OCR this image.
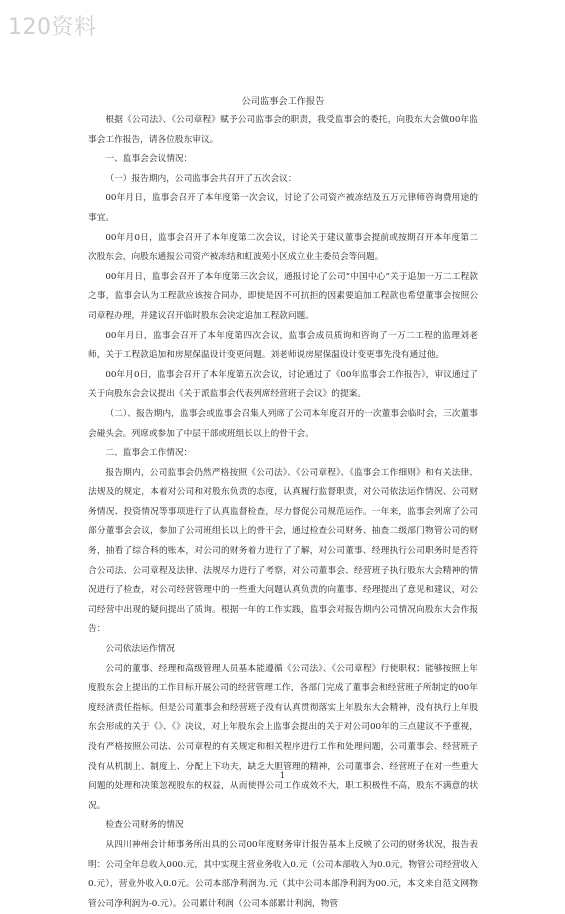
120资料
公司监事会工作报告

根据《公司法》、《公司章程》赋予公司监事会的职责，我受监事会的委托，向股东大会做00年监事会工作报告，请各位股东审议。

一、监事会会议情况：

（一）报告期内，公司监事会共召开了五次会议：

00年月日，监事会召开了本年度第一次会议，讨论了公司资产被冻结及五万元律师咨询费用途的事宜。

00年月0日，监事会召开了本年度第二次会议，讨论关于建议董事会提前或按期召开本年度第二次股东会，向股东通报公司资产被冻结和虹波苑小区成立业主委员会等问题。

00年月日，监事会召开了本年度第三次会议，通报讨论了公司“中国中心”关于追加一万二工程款之事，监事会认为工程款应该按合同办，即使是因不可抗拒的因素要追加工程款也希望董事会按照公司章程办理，并建议召开临时股东会决定追加工程款问题。

00年月日，监事会召开了本年度第四次会议，监事会成员质询和咨询了一万二工程的监理刘老师，关于工程款追加和房屋保温设计变更问题。刘老师说房屋保温设计变更事先没有通过他。

00年月0日，监事会召开了本年度第五次会议，讨论通过了《00年监事会工作报告》，审议通过了关于向股东会会议提出《关于派监事会代表列席经营班子会议》的提案。

（二）、报告期内，监事会或监事会召集人列席了公司本年度召开的一次董事会临时会，三次董事会碰头会。列席或参加了中层干部或班组长以上的骨干会。

二、监事会工作情况：

报告期内，公司监事会仍然严格按照《公司法》、《公司章程》、《监事会工作细则》和有关法律、法规及的规定，本着对公司和对股东负责的态度，认真履行监督职责，对公司依法运作情况、公司财务情况、投资情况等事项进行了认真监督检查，尽力督促公司规范运作。一年来，监事会列席了公司部分董事会会议，参加了公司班组长以上的骨干会，通过检查公司财务、抽查二级部门物管公司的财务，抽看了综合科的账本，对公司的财务着力进行了了解，对公司董事、经理执行公司职务时是否符合公司法、公司章程及法律、法规尽力进行了考察，对公司董事会、经营班子执行股东大会精神的情况进行了检查，对公司经营管理中的一些重大问题认真负责的向董事、经理提出了意见和建议，对公司经营中出现的疑问提出了质询。根据一年的工作实践，监事会对报告期内公司情况向股东大会作报告：

公司依法运作情况

公司的董事、经理和高级管理人员基本能遵循《公司法》、《公司章程》行使职权；能够按照上年度股东会上提出的工作目标开展公司的经营管理工作，各部门完成了董事会和经营班子所制定的00年度经济责任指标。但是公司董事会和经营班子没有认真贯彻落实上年股东大会精神，没有执行上年股东会形成的关于《》、《》决议，对上年股东会上监事会提出的关于对公司00年的三点建议不予重视，没有严格按照公司法、公司章程的有关规定和相关程序进行工作和处理问题，公司董事会、经营班子没有从机制上、制度上、分配上下功夫，缺乏大胆管理的精神，公司董事会、经营班子在对一些重大问题的处理和决策忽视股东的权益，从而使得公司工作成效不大，职工积极性不高，股东不满意的状况。

检查公司财务的情况

从四川神州会计师事务所出具的公司00年度财务审计报告基本上反映了公司的财务状况，报告表明：公司全年总收入000.元，其中实现主营业务收入0.元（公司本部收入为0.0元，物管公司经营收入0.元），营业外收入0.0元。公司本部净利润为.元（其中公司本部净利润为00.元，本文来自范文网物管公司净利润为-0.元）。公司累计利润（公司本部累计利润，物管

1
